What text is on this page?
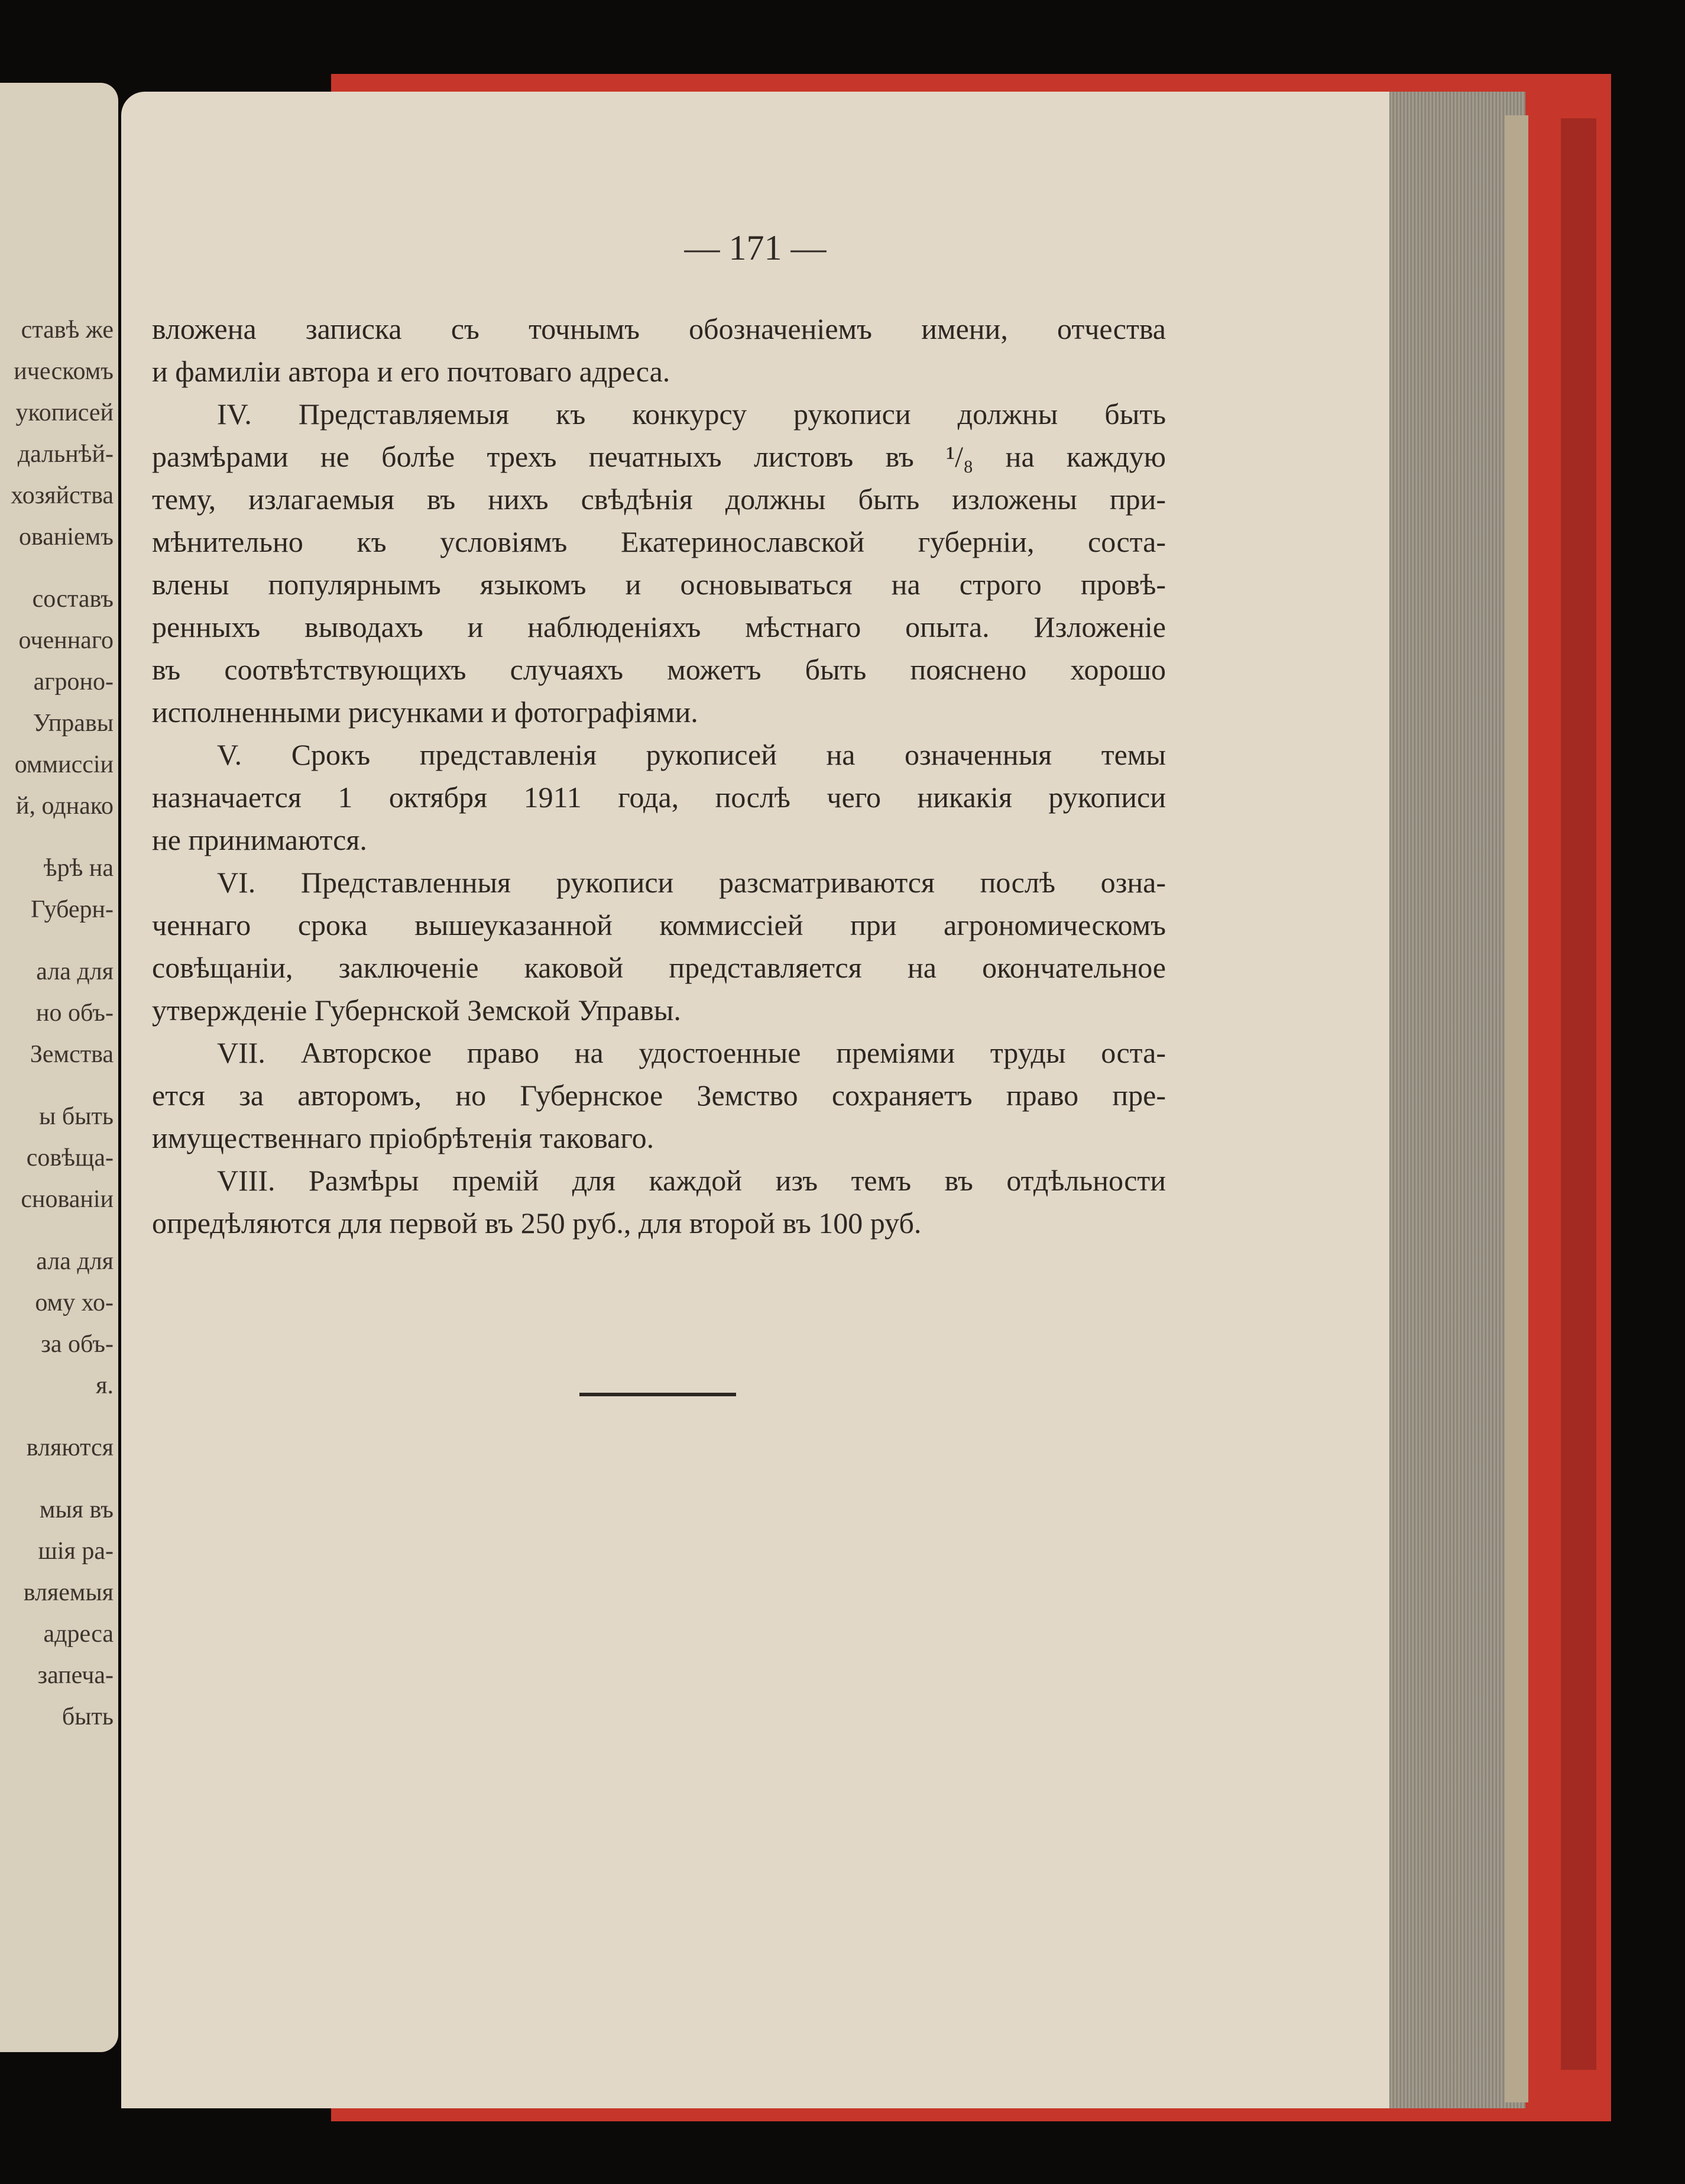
ставѣ же
ическомъ
укописей
дальнѣй-
хозяйства
ованіемъ
составъ
оченнаго
агроно-
Управы
оммиссіи
й, однако
ѣрѣ на
Губерн-
ала для
но объ-
Земства
ы быть
совѣща-
снованіи
ала для
ому хо-
за объ-
я.
вляются
мыя въ
шія ра-
вляемыя
адреса
запеча-
быть
— 171 —
вложена записка съ точнымъ обозначеніемъ имени, отчества
и фамиліи автора и его почтоваго адреса.
IV. Представляемыя къ конкурсу рукописи должны быть
размѣрами не болѣе трехъ печатныхъ листовъ въ ¹/₈ на каждую
тему, излагаемыя въ нихъ свѣдѣнія должны быть изложены при-
мѣнительно къ условіямъ Екатеринославской губерніи, соста-
влены популярнымъ языкомъ и основываться на строго провѣ-
ренныхъ выводахъ и наблюденіяхъ мѣстнаго опыта. Изложеніе
въ соотвѣтствующихъ случаяхъ можетъ быть пояснено хорошо
исполненными рисунками и фотографіями.
V. Срокъ представленія рукописей на означенныя темы
назначается 1 октября 1911 года, послѣ чего никакія рукописи
не принимаются.
VI. Представленныя рукописи разсматриваются послѣ озна-
ченнаго срока вышеуказанной коммиссіей при агрономическомъ
совѣщаніи, заключеніе каковой представляется на окончательное
утвержденіе Губернской Земской Управы.
VII. Авторское право на удостоенные преміями труды оста-
ется за авторомъ, но Губернское Земство сохраняетъ право пре-
имущественнаго пріобрѣтенія таковаго.
VIII. Размѣры премій для каждой изъ темъ въ отдѣльности
опредѣляются для первой въ 250 руб., для второй въ 100 руб.
